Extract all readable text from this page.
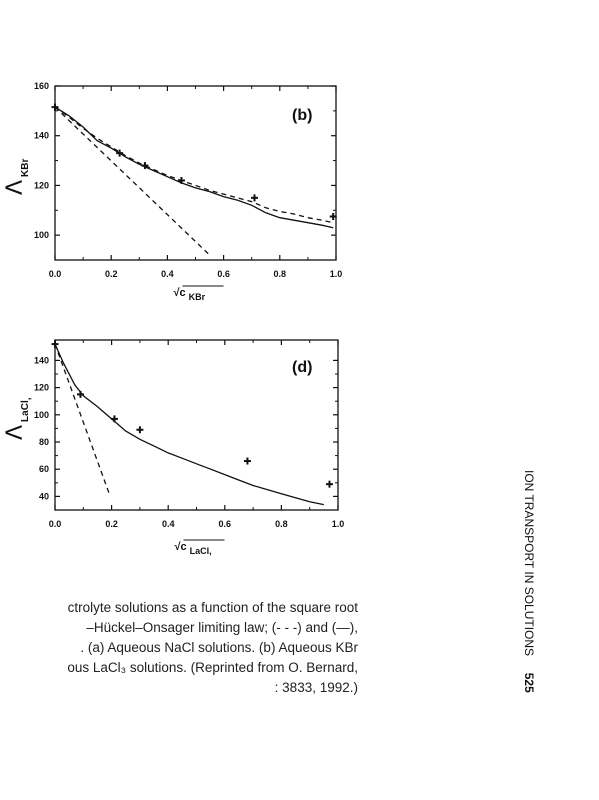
0.0	0.2	0.4	0.6	0.8	1.0
100
120
140
160
(b)
$\Lambda_{KBr}$
√c $_{KBr}$
0.0	0.2	0.4	0.6	0.8	1.0
40
60
80
100
120
140	(d)
$\Lambda_{LaCl}$,
√c $_{LaCl}$,
ctrolyte solutions as a function of the square root
–Hückel–Onsager limiting law; (- - -) and (—),
. (a) Aqueous NaCl solutions. (b) Aqueous KBr
ous LaCl₃ solutions. (Reprinted from O. Bernard,
: 3833, 1992.)
ION TRANSPORT IN SOLUTIONS     525
